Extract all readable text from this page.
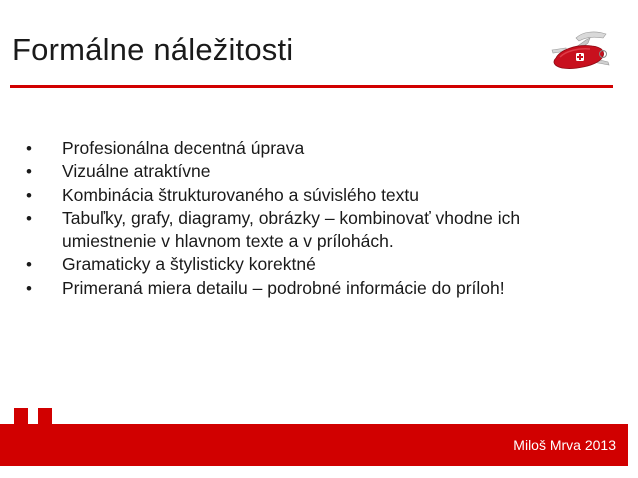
Formálne náležitosti
• Profesionálna decentná úprava
• Vizuálne atraktívne
• Kombinácia štrukturovaného a súvislého textu
• Tabuľky, grafy, diagramy, obrázky – kombinovať vhodne ich umiestnenie v hlavnom texte a v prílohách.
• Gramaticky a štylisticky korektné
• Primeraná miera detailu – podrobné informácie do príloh!
Miloš Mrva 2013
